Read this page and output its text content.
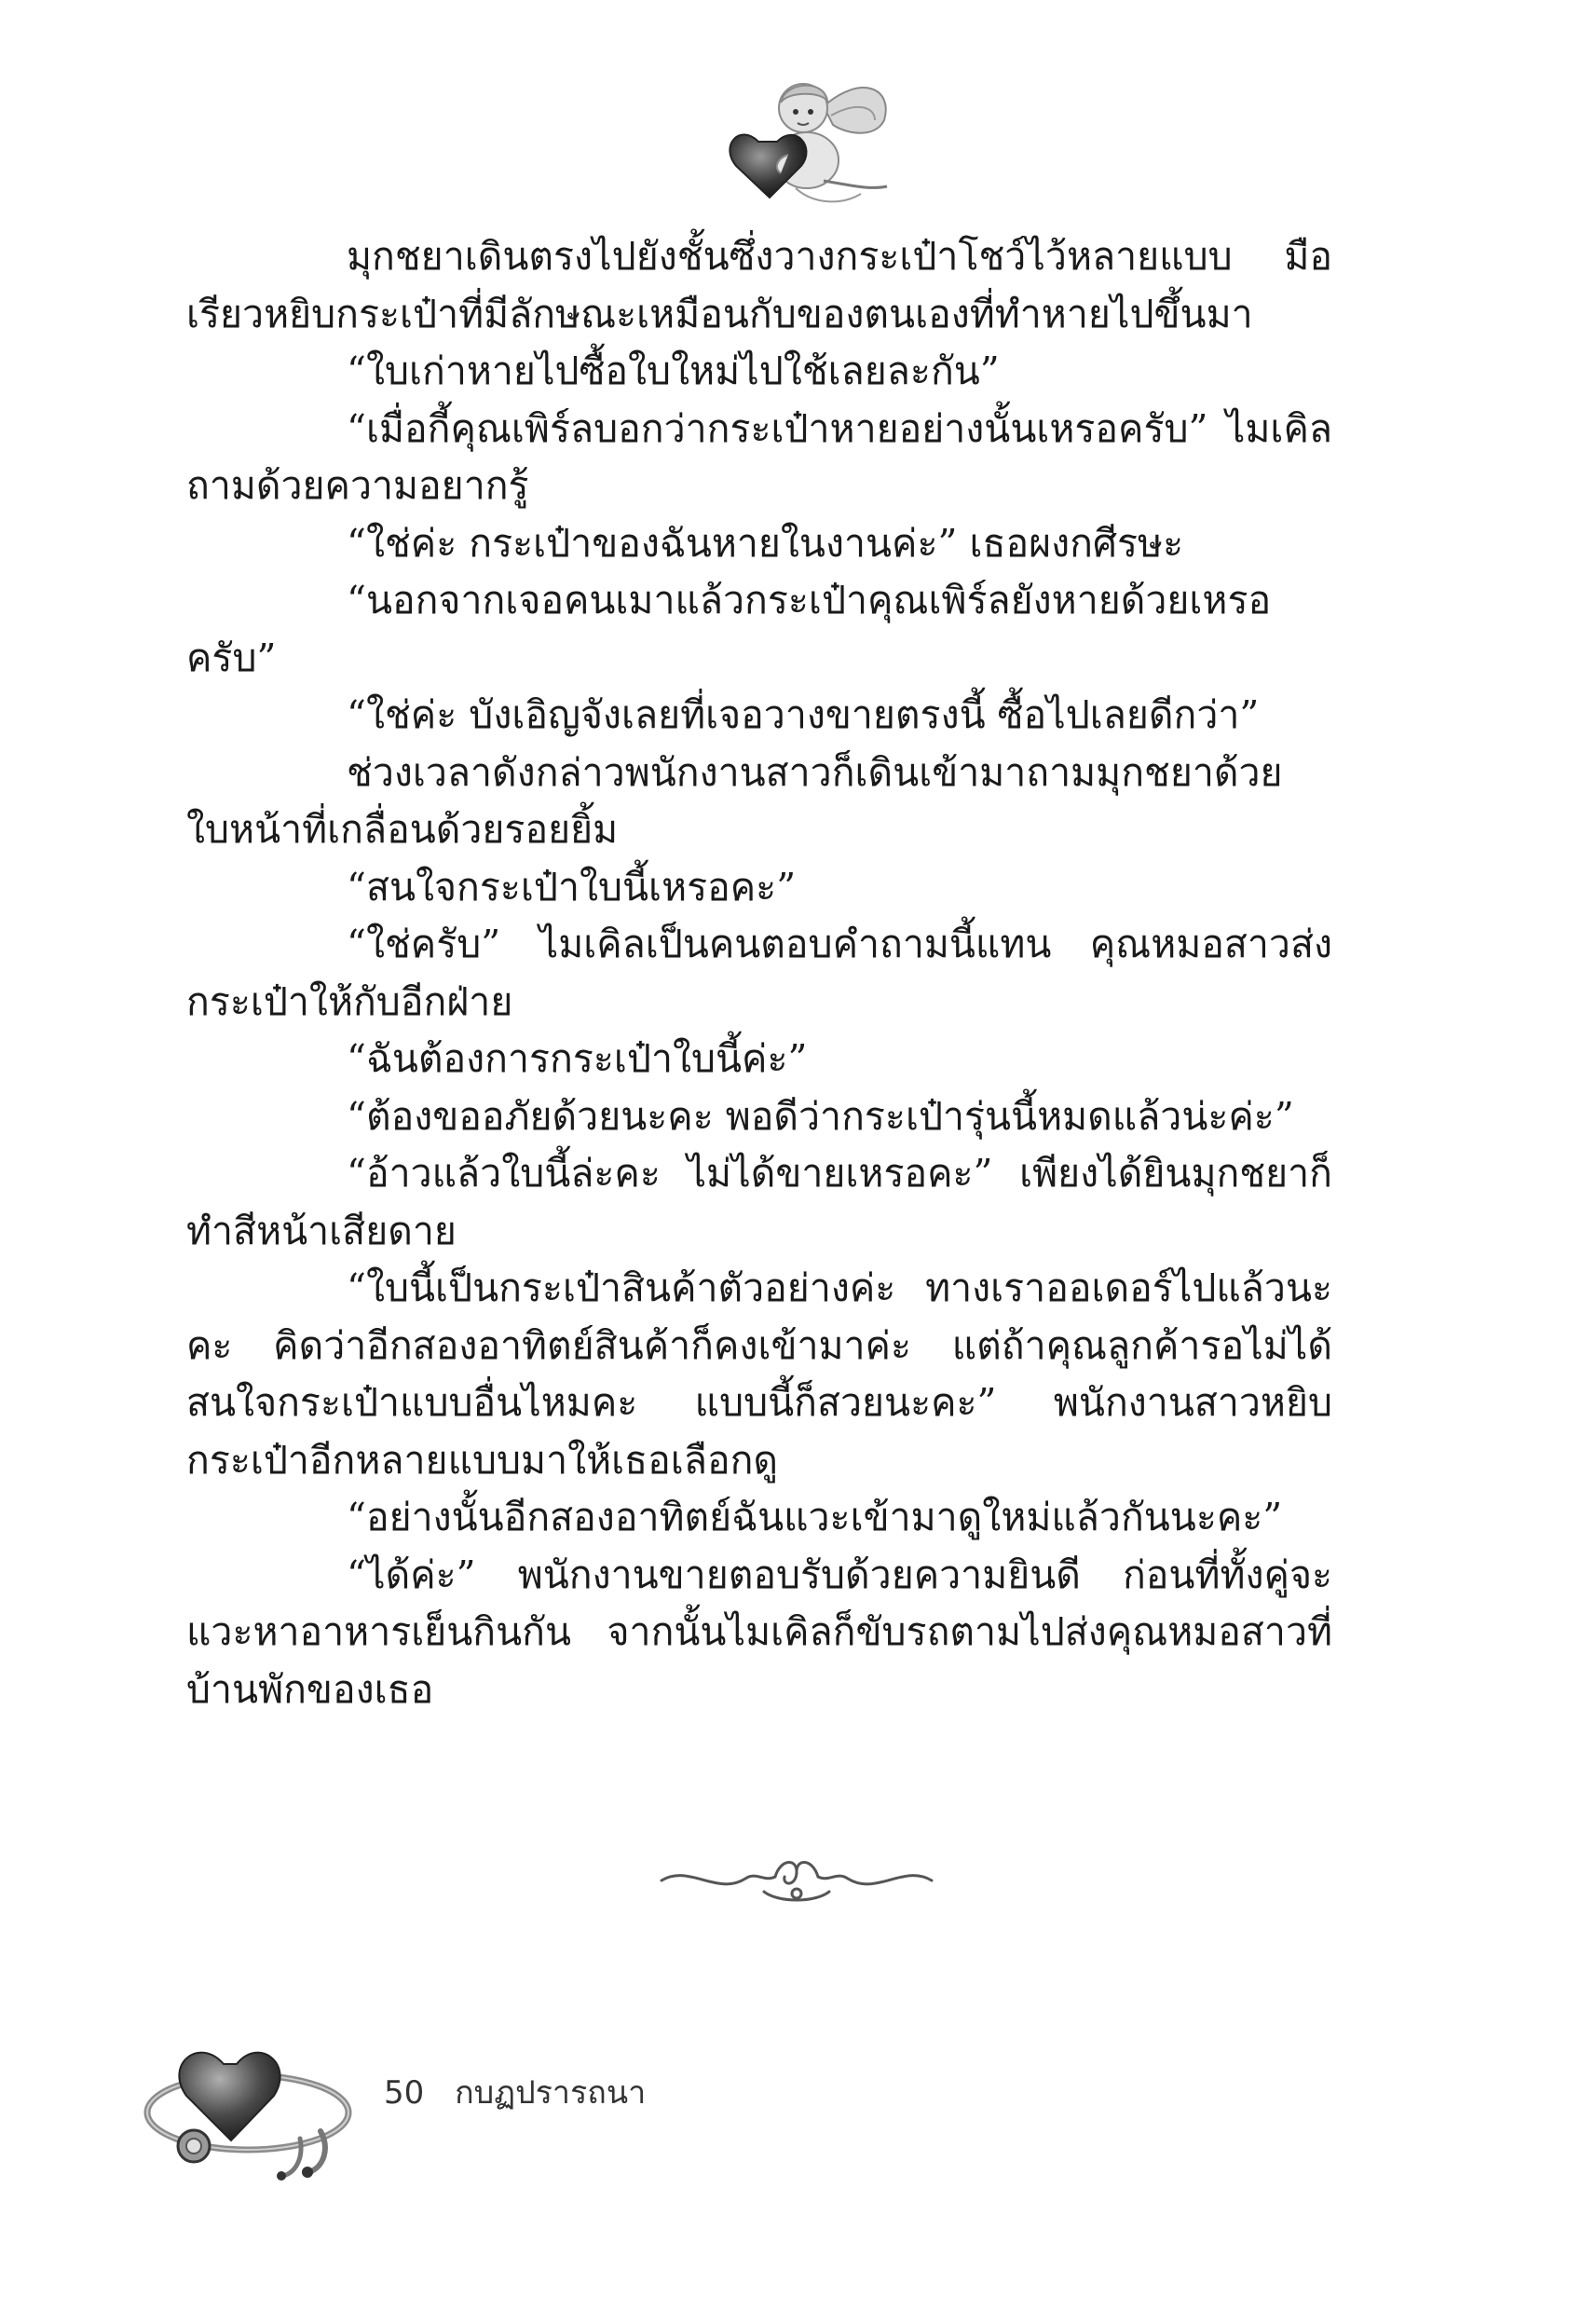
มุกชยาเดินตรงไปยังชั้นซึ่งวางกระเป๋าโชว์ไว้หลายแบบ มือเรียวหยิบกระเป๋าที่มีลักษณะเหมือนกับของตนเองที่ทำหายไปขึ้นมา

“ใบเก่าหายไปซื้อใบใหม่ไปใช้เลยละกัน”

“เมื่อกี้คุณเพิร์ลบอกว่ากระเป๋าหายอย่างนั้นเหรอครับ” ไมเคิลถามด้วยความอยากรู้

“ใช่ค่ะ กระเป๋าของฉันหายในงานค่ะ” เธอผงกศีรษะ

“นอกจากเจอคนเมาแล้วกระเป๋าคุณเพิร์ลยังหายด้วยเหรอครับ”

“ใช่ค่ะ บังเอิญจังเลยที่เจอวางขายตรงนี้ ซื้อไปเลยดีกว่า”

ช่วงเวลาดังกล่าวพนักงานสาวก็เดินเข้ามาถามมุกชยาด้วยใบหน้าที่เกลื่อนด้วยรอยยิ้ม

“สนใจกระเป๋าใบนี้เหรอคะ”

“ใช่ครับ” ไมเคิลเป็นคนตอบคำถามนี้แทน คุณหมอสาวส่งกระเป๋าให้กับอีกฝ่าย

“ฉันต้องการกระเป๋าใบนี้ค่ะ”

“ต้องขออภัยด้วยนะคะ พอดีว่ากระเป๋ารุ่นนี้หมดแล้วน่ะค่ะ”

“อ้าวแล้วใบนี้ล่ะคะ ไม่ได้ขายเหรอคะ” เพียงได้ยินมุกชยาก็ทำสีหน้าเสียดาย

“ใบนี้เป็นกระเป๋าสินค้าตัวอย่างค่ะ ทางเราออเดอร์ไปแล้วนะคะ คิดว่าอีกสองอาทิตย์สินค้าก็คงเข้ามาค่ะ แต่ถ้าคุณลูกค้ารอไม่ได้สนใจกระเป๋าแบบอื่นไหมคะ แบบนี้ก็สวยนะคะ” พนักงานสาวหยิบกระเป๋าอีกหลายแบบมาให้เธอเลือกดู

“อย่างนั้นอีกสองอาทิตย์ฉันแวะเข้ามาดูใหม่แล้วกันนะคะ”

“ได้ค่ะ” พนักงานขายตอบรับด้วยความยินดี ก่อนที่ทั้งคู่จะแวะหาอาหารเย็นกินกัน จากนั้นไมเคิลก็ขับรถตามไปส่งคุณหมอสาวที่บ้านพักของเธอ

50 กบฏปรารถนา
